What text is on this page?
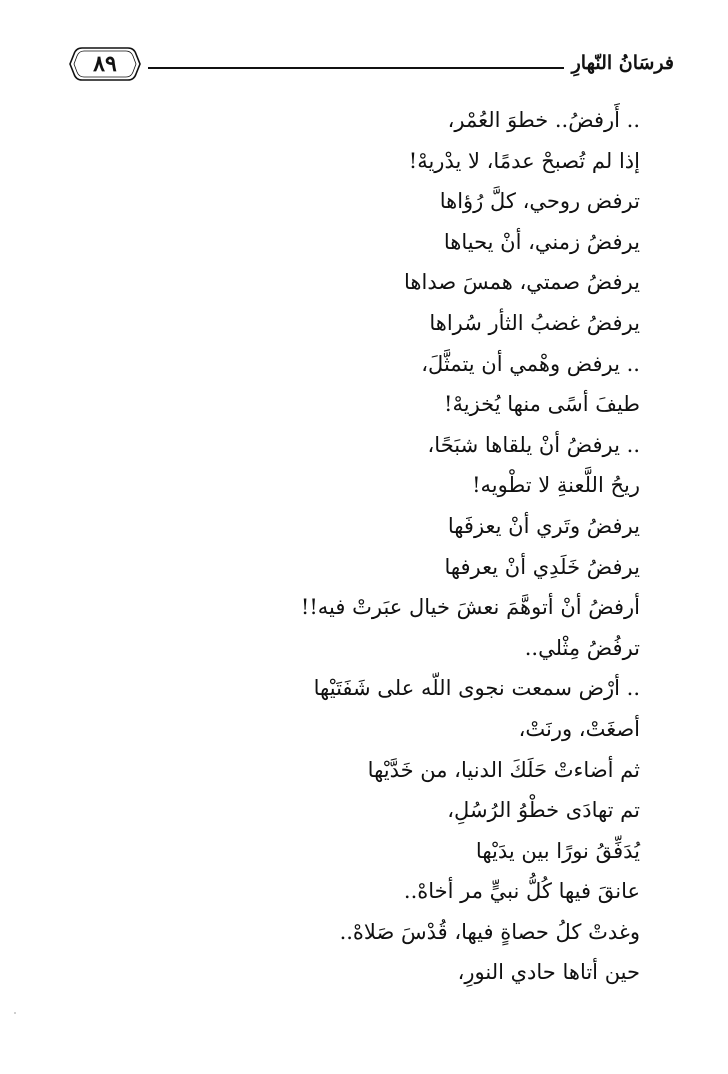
فرسَانُ النّهارِ
٨٩
.. أَرفضُ.. خطوَ العُمْر،
إذا لم تُصبحْ عدمًا، لا يدْريهْ!
ترفض روحي، كلَّ رُؤاها
يرفضُ زمني، أنْ يحياها
يرفضُ صمتي، همسَ صداها
يرفضُ غضبُ الثأر سُراها
.. يرفض وهْمي أن يتمثَّلَ،
طيفَ أسًى منها يُخزيهْ!
.. يرفضُ أنْ يلقاها شبَحًا،
ريحُ اللَّعنةِ لا تطْويه!
يرفضُ وتَري أنْ يعزفَها
يرفضُ خَلَدِي أنْ يعرفها
أرفضُ أنْ أتوهَّمَ نعشَ خيال عبَرتْ فيه!!
ترفُضُ مِثْلي..
.. أرْض سمعت نجوى اللّه على شَفَتَيْها
أصغَتْ، ورنَتْ،
ثم أضاءتْ حَلَكَ الدنيا، من خَدَّيْها
تم تهادَى خطْوُ الرُسُلِ،
يُدَفِّقُ نورًا بين يدَيْها
عانقَ فيها كُلُّ نبيٍّ مر أخاهْ..
وغدتْ كلُ حصاةٍ فيها، قُدْسَ صَلاهْ..
حين أتاها حادي النورِ،
